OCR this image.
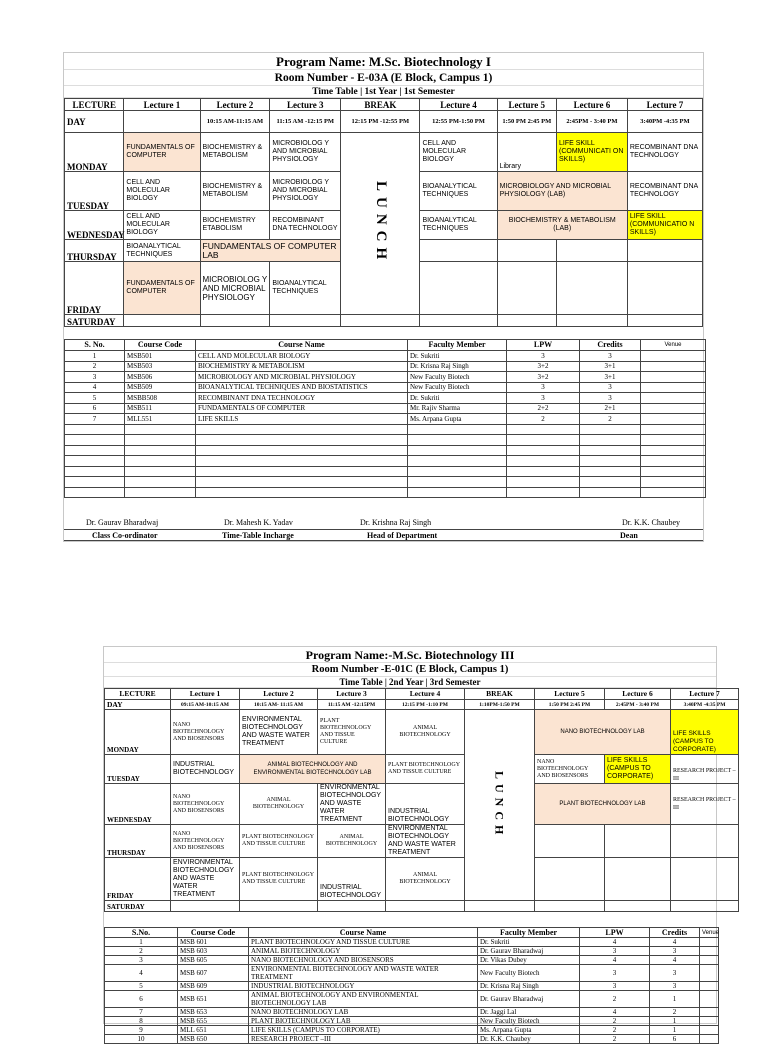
Program Name: M.Sc. Biotechnology I
Room Number - E-03A (E Block, Campus 1)
Time Table | 1st Year | 1st Semester
LECTURE	Lecture 1	Lecture 2	Lecture 3	BREAK	Lecture 4	Lecture 5	Lecture 6	Lecture 7
DAY		10:15 AM-11:15 AM	11:15 AM -12:15 PM	12:15 PM -12:55 PM	12:55 PM-1:50 PM	1:50 PM 2:45 PM	2:45PM - 3:40 PM	3:40PM -4:35 PM
MONDAY	FUNDAMENTALS OF COMPUTER	BIOCHEMISTRY & METABOLISM	MICROBIOLOG Y AND MICROBIAL PHYSIOLOGY	LUNCH	CELL AND MOLECULAR BIOLOGY	Library	LIFE SKILL (COMMUNICATI ON SKILLS)	RECOMBINANT DNA TECHNOLOGY
TUESDAY	CELL AND MOLECULAR BIOLOGY	BIOCHEMISTRY & METABOLISM	MICROBIOLOG Y AND MICROBIAL PHYSIOLOGY		BIOANALYTICAL TECHNIQUES	MICROBIOLOGY AND MICROBIAL PHYSIOLOGY (LAB)		RECOMBINANT DNA TECHNOLOGY
WEDNESDAY	CELL AND MOLECULAR BIOLOGY	BIOCHEMISTRY ETABOLISM	RECOMBINANT DNA TECHNOLOGY		BIOANALYTICAL TECHNIQUES	BIOCHEMISTRY & METABOLISM (LAB)		LIFE SKILL (COMMUNICATIO N SKILLS)
THURSDAY	BIOANALYTICAL TECHNIQUES	FUNDAMENTALS OF COMPUTER LAB						
FRIDAY	FUNDAMENTALS OF COMPUTER	MICROBIOLOG Y AND MICROBIAL PHYSIOLOGY	BIOANALYTICAL TECHNIQUES					
SATURDAY								
S. No.	Course Code	Course Name	Faculty Member	LPW	Credits	Venue
1	MSB501	CELL AND MOLECULAR BIOLOGY	Dr. Sukriti	3	3	
2	MSB503	BIOCHEMISTRY & METABOLISM	Dr. Krisna Raj Singh	3+2	3+1	
3	MSB506	MICROBIOLOGY AND MICROBIAL PHYSIOLOGY	New Faculty Biotech	3+2	3+1	
4	MSB509	BIOANALYTICAL TECHNIQUES AND BIOSTATISTICS	New Faculty Biotech	3	3	
5	MSBB508	RECOMBINANT DNA TECHNOLOGY	Dr. Sukriti	3	3	
6	MSB511	FUNDAMENTALS OF COMPUTER	Mr. Rajiv Sharma	2+2	2+1	
7	MLL551	LIFE SKILLS	Ms. Arpana Gupta	2	2	

Dr. Gaurav Bharadwaj	Dr. Mahesh K. Yadav	Dr. Krishna Raj Singh	Dr. K.K. Chaubey
Class Co-ordinator	Time-Table Incharge	Head of Department	Dean
Program Name:-M.Sc. Biotechnology III
Room Number -E-01C (E Block, Campus 1)
Time Table | 2nd Year | 3rd Semester
LECTURE	Lecture 1	Lecture 2	Lecture 3	Lecture 4	BREAK	Lecture 5	Lecture 6	Lecture 7
DAY	09:15 AM-10:15 AM	10:15 AM- 11:15 AM	11:15 AM -12:15PM	12:15 PM -1:10 PM	1:10PM-1:50 PM	1:50 PM 2:45 PM	2:45PM - 3:40 PM	3:40PM -4:35 PM
MONDAY	NANO BIOTECHNOLOGY AND BIOSENSORS	ENVIRONMENTAL BIOTECHNOLOGY AND WASTE WATER TREATMENT	PLANT BIOTECHNOLOGY AND TISSUE CULTURE	ANIMAL BIOTECHNOLOGY	LUNCH	NANO BIOTECHNOLOGY LAB		LIFE SKILLS (CAMPUS TO CORPORATE)
TUESDAY	INDUSTRIAL BIOTECHNOLOGY	ANIMAL BIOTECHNOLOGY AND ENVIRONMENTAL BIOTECHNOLOGY LAB		PLANT BIOTECHNOLOGY AND TISSUE CULTURE		NANO BIOTECHNOLOGY AND BIOSENSORS	LIFE SKILLS (CAMPUS TO CORPORATE)	RESEARCH PROJECT –III
WEDNESDAY	NANO BIOTECHNOLOGY AND BIOSENSORS	ANIMAL BIOTECHNOLOGY	ENVIRONMENTAL BIOTECHNOLOGY AND WASTE WATER TREATMENT	INDUSTRIAL BIOTECHNOLOGY		PLANT BIOTECHNOLOGY LAB		RESEARCH PROJECT –III
THURSDAY	NANO BIOTECHNOLOGY AND BIOSENSORS	PLANT BIOTECHNOLOGY AND TISSUE CULTURE	ANIMAL BIOTECHNOLOGY	ENVIRONMENTAL BIOTECHNOLOGY AND WASTE WATER TREATMENT				
FRIDAY	ENVIRONMENTAL BIOTECHNOLOGY AND WASTE WATER TREATMENT	PLANT BIOTECHNOLOGY AND TISSUE CULTURE	INDUSTRIAL BIOTECHNOLOGY	ANIMAL BIOTECHNOLOGY				
SATURDAY								
S.No.	Course Code	Course Name	Faculty Member	LPW	Credits	Venue
1	MSB 601	PLANT BIOTECHNOLOGY AND TISSUE CULTURE	Dr. Sukriti	4	4	
2	MSB 603	ANIMAL BIOTECHNOLOGY	Dr. Gaurav Bharadwaj	3	3	
3	MSB 605	NANO BIOTECHNOLOGY AND BIOSENSORS	Dr. Vikas Dubey	4	4	
4	MSB 607	ENVIRONMENTAL BIOTECHNOLOGY AND WASTE WATER TREATMENT	New Faculty Biotech	3	3	
5	MSB 609	INDUSTRIAL BIOTECHNOLOGY	Dr. Krisna Raj Singh	3	3	
6	MSB 651	ANIMAL BIOTECHNOLOGY AND ENVIRONMENTAL BIOTECHNOLOGY LAB	Dr. Gaurav Bharadwaj	2	1	
7	MSB 653	NANO BIOTECHNOLOGY LAB	Dr. Jaggi Lal	4	2	
8	MSB 655	PLANT BIOTECHNOLOGY LAB	New Faculty Biotech	2	1	
9	MLL 651	LIFE SKILLS (CAMPUS TO CORPORATE)	Ms. Arpana Gupta	2	1	
10	MSB 650	RESEARCH PROJECT –III	Dr. K.K. Chaubey	2	6	
